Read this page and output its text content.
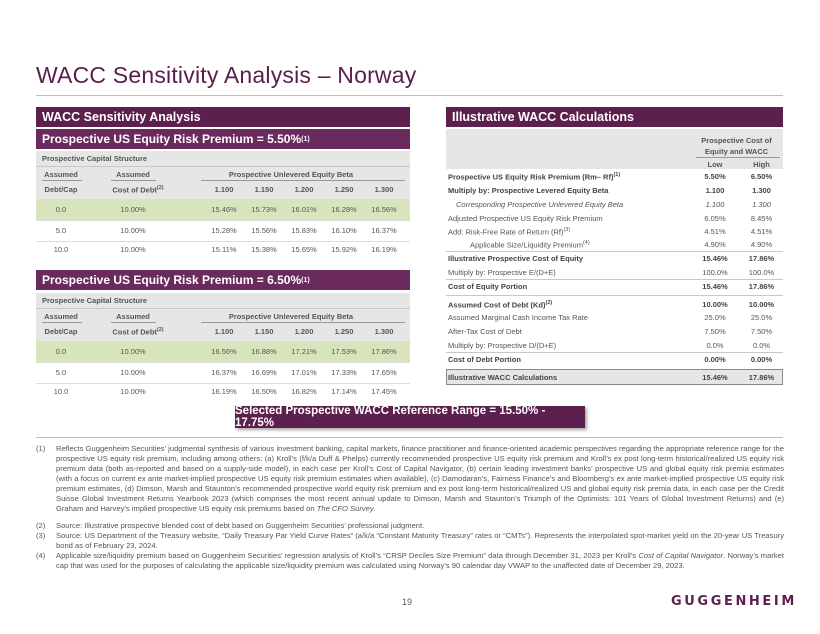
WACC Sensitivity Analysis – Norway
WACC Sensitivity Analysis
Prospective US Equity Risk Premium = 5.50% (1)
Prospective Capital Structure
Assumed	Assumed	Prospective Unlevered Equity Beta
Debt/Cap	Cost of Debt$^{(2)}$	1.100	1.150	1.200	1.250	1.300
0.0	10.00%	15.46%	15.73%	16.01%	16.28%	16.56%
5.0	10.00%	15.28%	15.56%	15.83%	16.10%	16.37%
10.0	10.00%	15.11%	15.38%	15.65%	15.92%	16.19%
Prospective US Equity Risk Premium = 6.50% (1)
Prospective Capital Structure
Assumed	Assumed	Prospective Unlevered Equity Beta
Debt/Cap	Cost of Debt$^{(2)}$	1.100	1.150	1.200	1.250	1.300
0.0	10.00%	16.56%	16.88%	17.21%	17.53%	17.86%
5.0	10.00%	16.37%	16.69%	17.01%	17.33%	17.65%
10.0	10.00%	16.19%	16.50%	16.82%	17.14%	17.45%
Illustrative WACC Calculations
Prospective Cost of
Equity and WACC
Low	High
Prospective US Equity Risk Premium (Rm– Rf)$^{(1)}$	5.50%	6.50%
Multiply by: Prospective Levered Equity Beta	1.100	1.300
Corresponding Prospective Unlevered Equity Beta	1.100	1.300
Adjusted Prospective US Equity Risk Premium	6.05%	8.45%
Add: Risk-Free Rate of Return $(Rf)^{(3)}$	4.51%	4.51%
Applicable Size/Liquidity Premium$^{(4)}$	4.90%	4.90%
Illustrative Prospective Cost of Equity	15.46%	17.86%
Multiply by: Prospective E/(D+E)	100.0%	100.0%
Cost of Equity Portion	15.46%	17.86%
Assumed Cost of Debt $(Kd)^{(2)}$	10.00%	10.00%
Assumed Marginal Cash Income Tax Rate	25.0%	25.0%
After-Tax Cost of Debt	7.50%	7.50%
Multiply by: Prospective D/(D+E)	0.0%	0.0%
Cost of Debt Portion	0.00%	0.00%
Illustrative WACC Calculations	15.46%	17.86%
Selected Prospective WACC Reference Range = 15.50% - 17.75%
(1) Reflects Guggenheim Securities’ judgmental synthesis of various investment banking, capital markets, finance practitioner and finance-oriented academic perspectives regarding the appropriate reference range for the prospective US equity risk premium, including among others: (a) Kroll’s (f/k/a Duff & Phelps) currently recommended prospective US equity risk premium and Kroll’s ex post long-term historical/realized US equity risk premium data (both as-reported and based on a supply-side model), in each case per Kroll’s Cost of Capital Navigator, (b) certain leading investment banks’ prospective US and global equity risk premia estimates (with a focus on current ex ante market-implied prospective US equity risk premium estimates when available), (c) Damodaran’s, Fairness Finance’s and Bloomberg’s ex ante market-implied prospective US equity risk premium estimates, (d) Dimson, Marsh and Staunton’s recommended prospective world equity risk premium and ex post long-term historical/realized US and global equity risk premia data, in each case per the Credit Suisse Global Investment Returns Yearbook 2023 (which comprises the most recent annual update to Dimson, Marsh and Staunton’s Triumph of the Optimists: 101 Years of Global Investment Returns) and (e) Graham and Harvey’s implied prospective US equity risk premiums based on The CFO Survey.
(2) Source: Illustrative prospective blended cost of debt based on Guggenheim Securities’ professional judgment.
(3) Source: US Department of the Treasury website, “Daily Treasury Par Yield Curve Rates” (a/k/a “Constant Maturity Treasury” rates or “CMTs”). Represents the interpolated spot-market yield on the 20-year US Treasury bond as of February 23, 2024.
(4) Applicable size/liquidity premium based on Guggenheim Securities’ regression analysis of Kroll’s “CRSP Deciles Size Premium” data through December 31, 2023 per Kroll’s Cost of Capital Navigator. Norway’s market cap that was used for the purposes of calculating the applicable size/liquidity premium was calculated using Norway’s 90 calendar day VWAP to the unaffected date of December 29, 2023.
19	GUGGENHEIM
